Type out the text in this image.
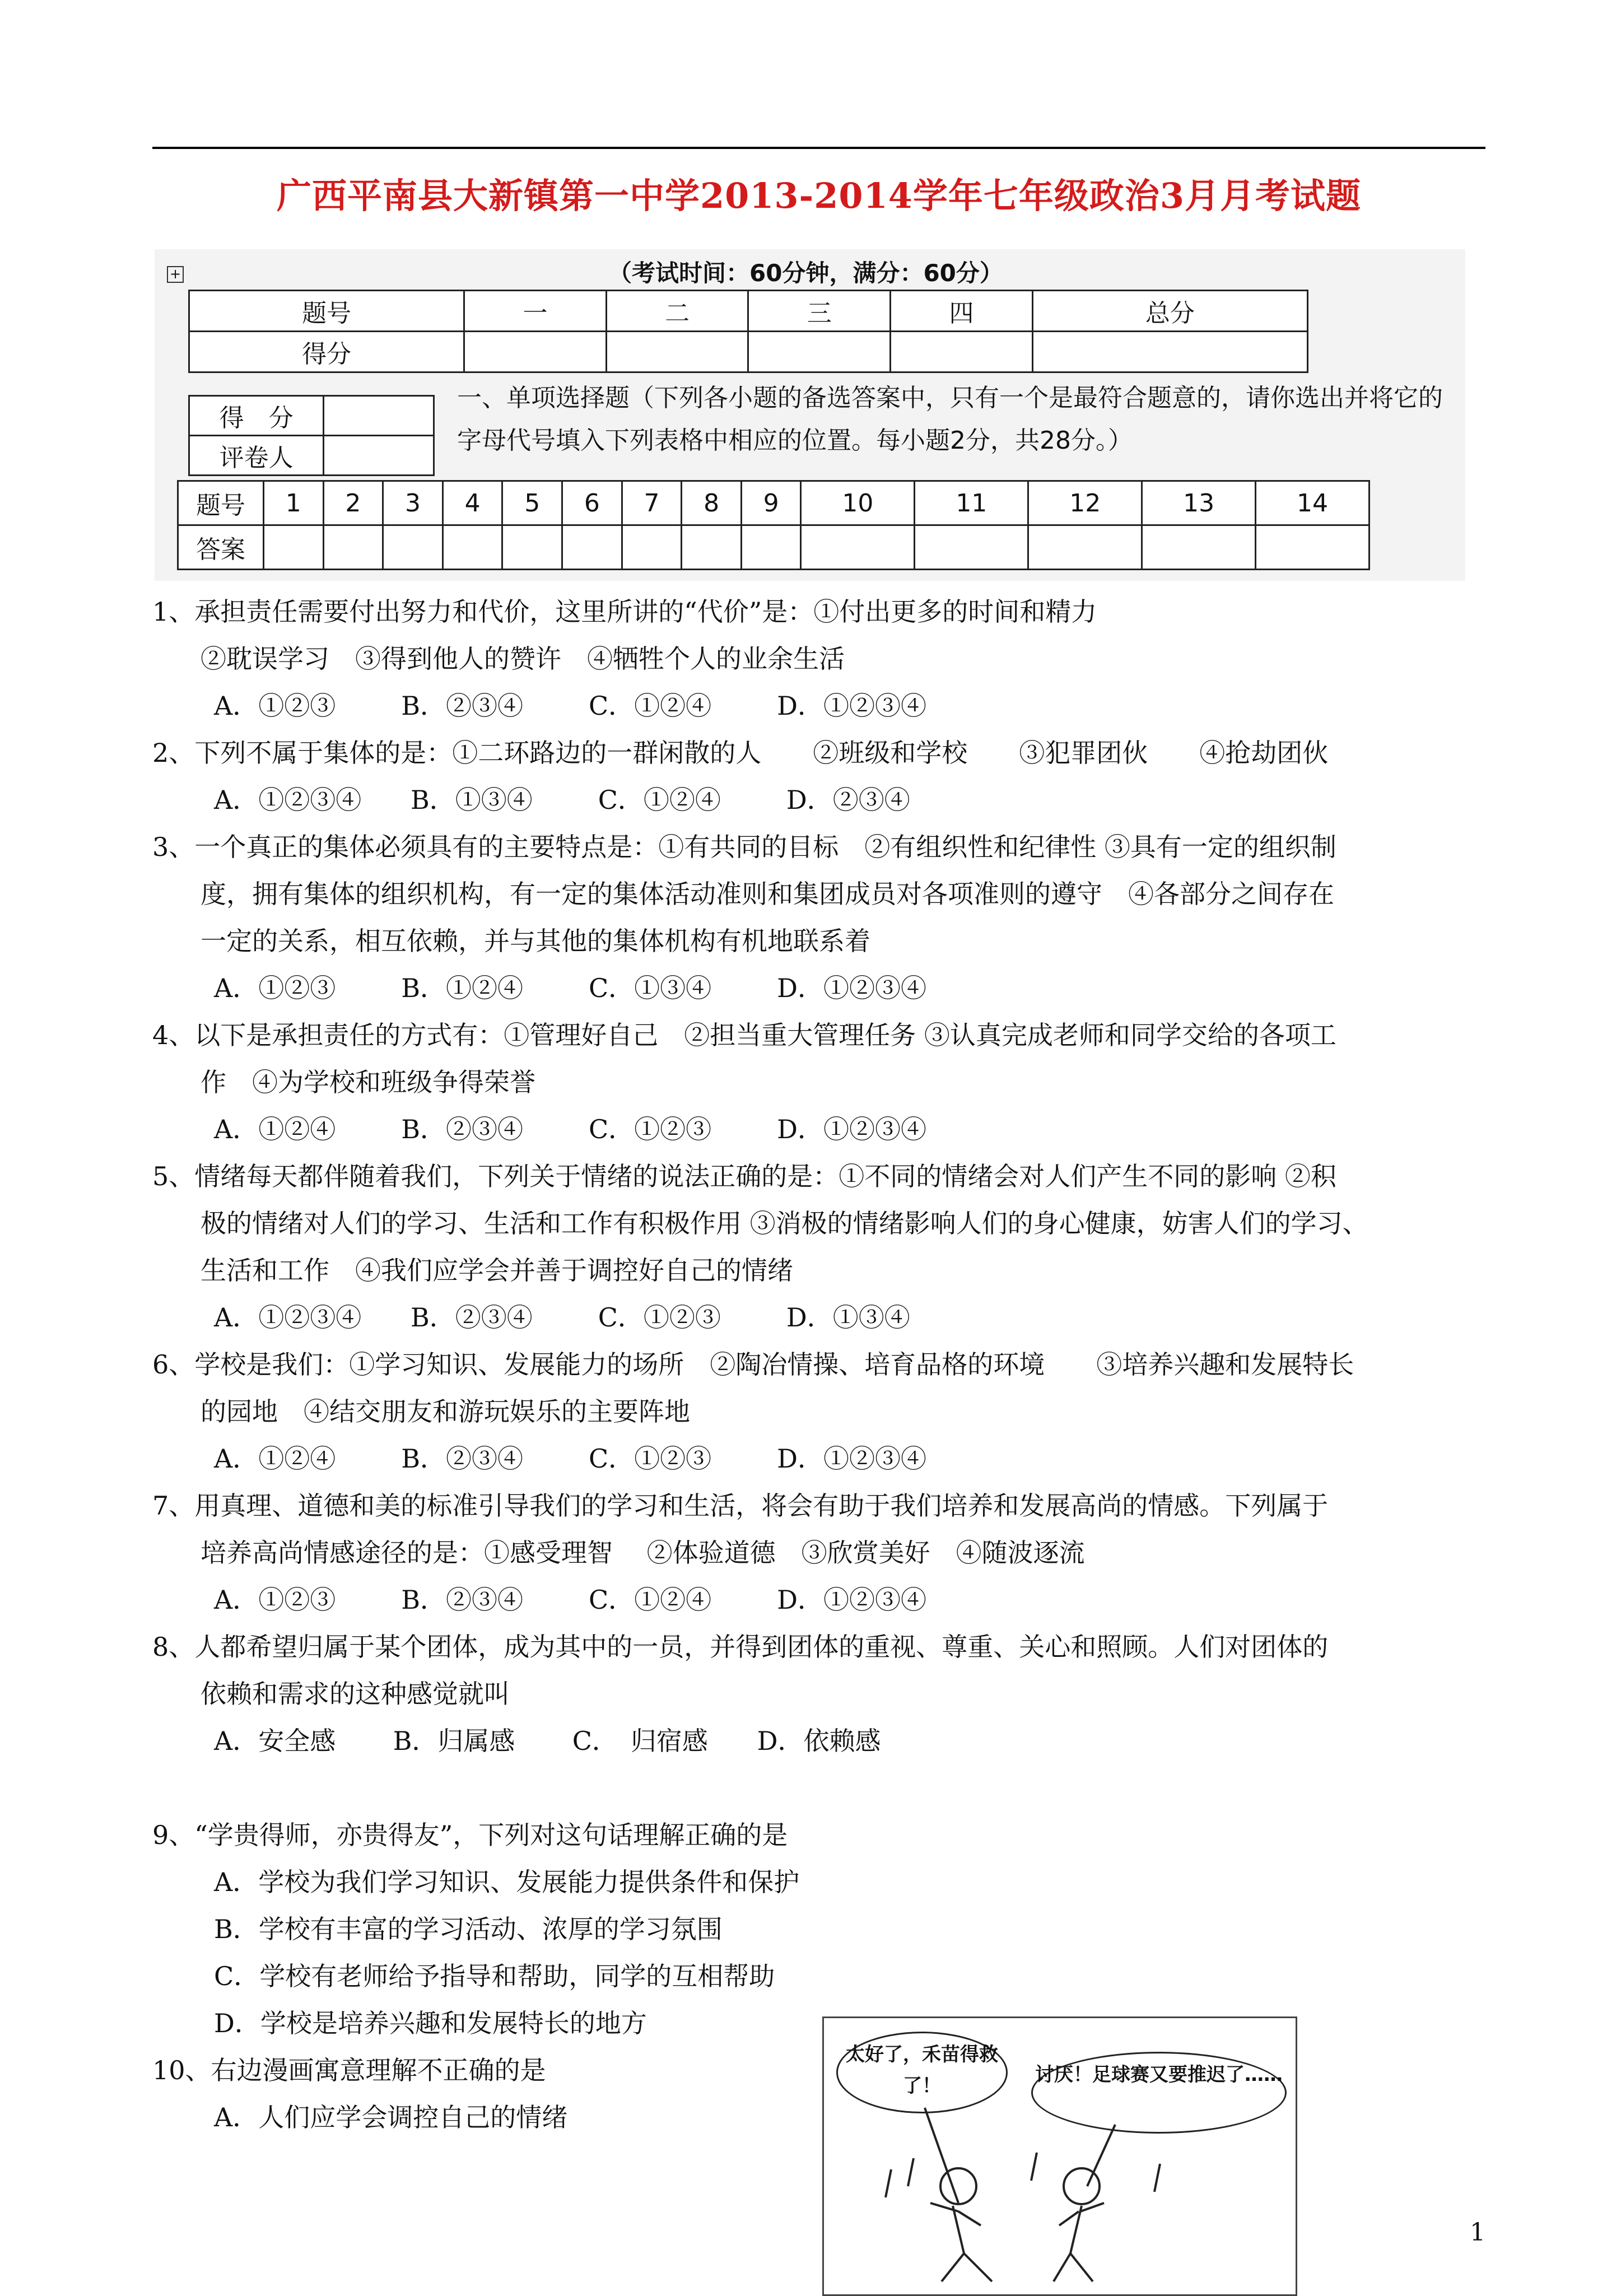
广西平南县大新镇第一中学2013-2014学年七年级政治3月月考试题
+	（考试时间：60分钟，满分：60分）
题号	一	二	三	四	总分
得分					
得　分	
评卷人	
一、单项选择题（下列各小题的备选答案中，只有一个是最符合题意的，请你选出并将它的字母代号填入下列表格中相应的位置。每小题2分，共28分。）
题号	1	2	3	4	5	6	7	8	9	10	11	12	13	14
答案														

1、承担责任需要付出努力和代价，这里所讲的“代价”是：①付出更多的时间和精力

②耽误学习　③得到他人的赞许　④牺牲个人的业余生活

A．①②③        B．②③④        C．①②④        D．①②③④

2、下列不属于集体的是：①二环路边的一群闲散的人　　②班级和学校　　③犯罪团伙　　④抢劫团伙

A．①②③④      B．①③④        C．①②④        D．②③④

3、一个真正的集体必须具有的主要特点是：①有共同的目标　②有组织性和纪律性 ③具有一定的组织制

度，拥有集体的组织机构，有一定的集体活动准则和集团成员对各项准则的遵守　④各部分之间存在

一定的关系，相互依赖，并与其他的集体机构有机地联系着

A．①②③        B．①②④        C．①③④        D．①②③④

4、以下是承担责任的方式有：①管理好自己　②担当重大管理任务 ③认真完成老师和同学交给的各项工

作　④为学校和班级争得荣誉

A．①②④        B．②③④        C．①②③        D．①②③④

5、情绪每天都伴随着我们，下列关于情绪的说法正确的是：①不同的情绪会对人们产生不同的影响 ②积

极的情绪对人们的学习、生活和工作有积极作用 ③消极的情绪影响人们的身心健康，妨害人们的学习、

生活和工作　④我们应学会并善于调控好自己的情绪

A．①②③④      B．②③④        C．①②③        D．①③④

6、学校是我们：①学习知识、发展能力的场所　②陶冶情操、培育品格的环境　　③培养兴趣和发展特长

的园地　④结交朋友和游玩娱乐的主要阵地

A．①②④        B．②③④        C．①②③        D．①②③④

7、用真理、道德和美的标准引导我们的学习和生活，将会有助于我们培养和发展高尚的情感。下列属于

培养高尚情感途径的是：①感受理智　 ②体验道德　③欣赏美好　④随波逐流

A．①②③        B．②③④        C．①②④        D．①②③④

8、人都希望归属于某个团体，成为其中的一员，并得到团体的重视、尊重、关心和照顾。人们对团体的

依赖和需求的这种感觉就叫

A．安全感       B．归属感       C．　归宿感      D．依赖感

9、“学贵得师，亦贵得友”，下列对这句话理解正确的是

A．学校为我们学习知识、发展能力提供条件和保护

B．学校有丰富的学习活动、浓厚的学习氛围

C．学校有老师给予指导和帮助，同学的互相帮助

D．学校是培养兴趣和发展特长的地方

10、右边漫画寓意理解不正确的是

A．人们应学会调控自己的情绪

太好了，禾苗得救了！	讨厌！足球赛又要推迟了……
1
